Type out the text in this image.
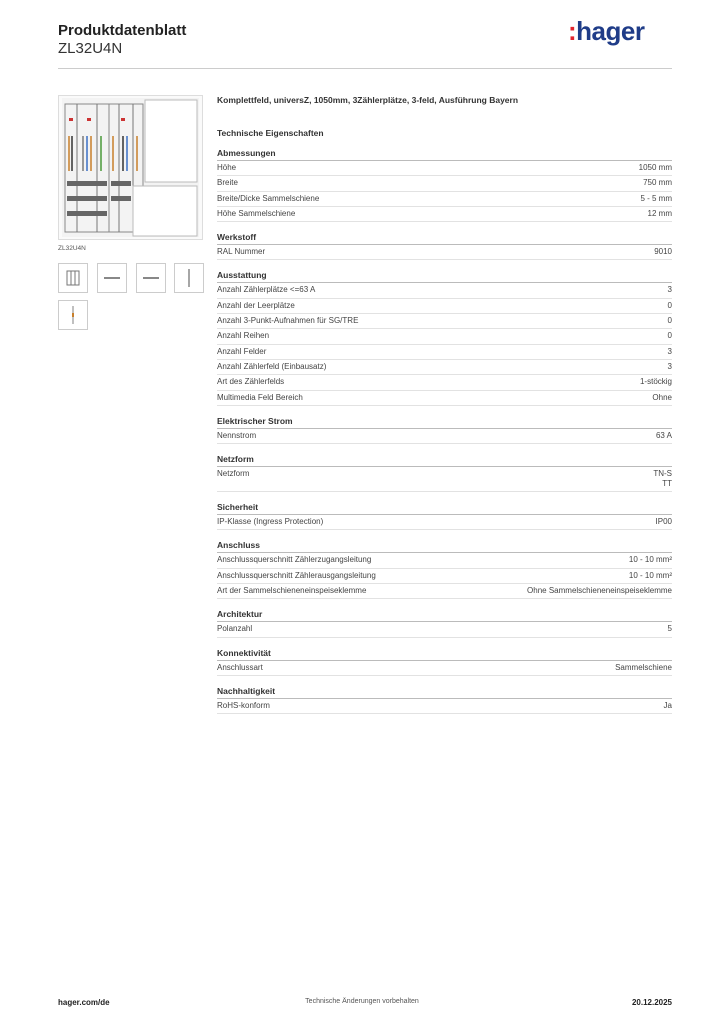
Produktdatenblatt
ZL32U4N
:hager
ZL32U4N
Komplettfeld, universZ, 1050mm, 3Zählerplätze, 3-feld, Ausführung Bayern
Technische Eigenschaften
Abmessungen
Höhe	1050 mm
Breite	750 mm
Breite/Dicke Sammelschiene	5 - 5 mm
Höhe Sammelschiene	12 mm
Werkstoff
RAL Nummer	9010
Ausstattung
Anzahl Zählerplätze <=63 A	3
Anzahl der Leerplätze	0
Anzahl 3-Punkt-Aufnahmen für SG/TRE	0
Anzahl Reihen	0
Anzahl Felder	3
Anzahl Zählerfeld (Einbausatz)	3
Art des Zählerfelds	1-stöckig
Multimedia Feld Bereich	Ohne
Elektrischer Strom
Nennstrom	63 A
Netzform
Netzform	TN-S
TT
Sicherheit
IP-Klasse (Ingress Protection)	IP00
Anschluss
Anschlussquerschnitt Zählerzugangsleitung	10 - 10 mm²
Anschlussquerschnitt Zählerausgangsleitung	10 - 10 mm²
Art der Sammelschieneneinspeiseklemme	Ohne Sammelschieneneinspeiseklemme
Architektur
Polanzahl	5
Konnektivität
Anschlussart	Sammelschiene
Nachhaltigkeit
RoHS-konform	Ja
hager.com/de	Technische Änderungen vorbehalten	20.12.2025
